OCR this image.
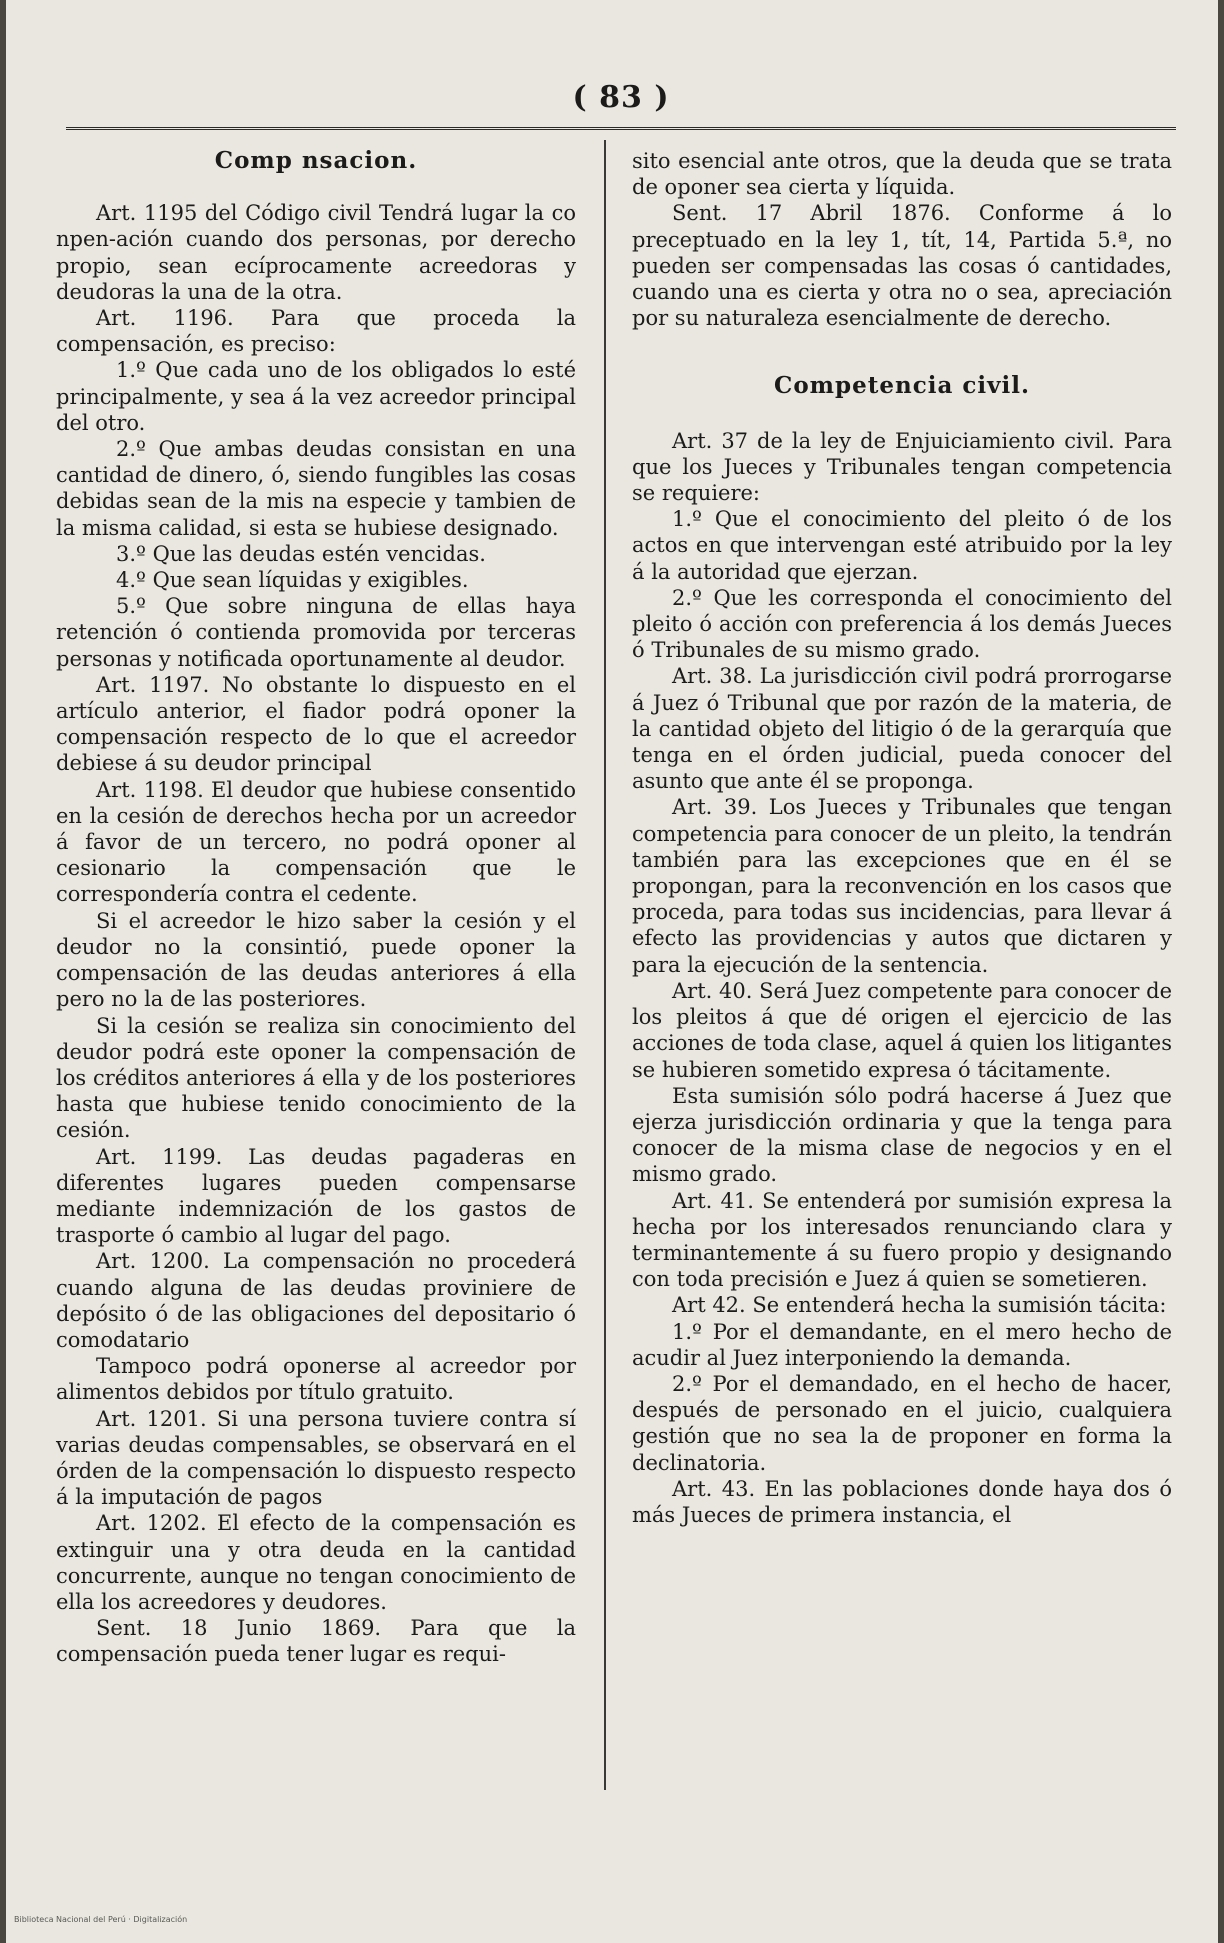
( 83 )
Comp nsacion.

Art. 1195 del Código civil Tendrá lugar la co npen-ación cuando dos personas, por derecho propio, sean ecíprocamente acreedoras y deudoras la una de la otra.

Art. 1196. Para que proceda la compensación, es preciso:

1.º Que cada uno de los obligados lo esté principalmente, y sea á la vez acreedor principal del otro.

2.º Que ambas deudas consistan en una cantidad de dinero, ó, siendo fungibles las cosas debidas sean de la mis na especie y tambien de la misma calidad, si esta se hubiese designado.

3.º Que las deudas estén vencidas.

4.º Que sean líquidas y exigibles.

5.º Que sobre ninguna de ellas haya retención ó contienda promovida por terceras personas y notificada oportunamente al deudor.

Art. 1197. No obstante lo dispuesto en el artículo anterior, el fiador podrá oponer la compensación respecto de lo que el acreedor debiese á su deudor principal

Art. 1198. El deudor que hubiese consentido en la cesión de derechos hecha por un acreedor á favor de un tercero, no podrá oponer al cesionario la compensación que le correspondería contra el cedente.

Si el acreedor le hizo saber la cesión y el deudor no la consintió, puede oponer la compensación de las deudas anteriores á ella pero no la de las posteriores.

Si la cesión se realiza sin conocimiento del deudor podrá este oponer la compensación de los créditos anteriores á ella y de los posteriores hasta que hubiese tenido conocimiento de la cesión.

Art. 1199. Las deudas pagaderas en diferentes lugares pueden compensarse mediante indemnización de los gastos de trasporte ó cambio al lugar del pago.

Art. 1200. La compensación no procederá cuando alguna de las deudas proviniere de depósito ó de las obligaciones del depositario ó comodatario

Tampoco podrá oponerse al acreedor por alimentos debidos por título gratuito.

Art. 1201. Si una persona tuviere contra sí varias deudas compensables, se observará en el órden de la compensación lo dispuesto respecto á la imputación de pagos

Art. 1202. El efecto de la compensación es extinguir una y otra deuda en la cantidad concurrente, aunque no tengan conocimiento de ella los acreedores y deudores.

Sent. 18 Junio 1869. Para que la compensación pueda tener lugar es requi-

sito esencial ante otros, que la deuda que se trata de oponer sea cierta y líquida.

Sent. 17 Abril 1876. Conforme á lo preceptuado en la ley 1, tít, 14, Partida 5.ª, no pueden ser compensadas las cosas ó cantidades, cuando una es cierta y otra no o sea, apreciación por su naturaleza esencialmente de derecho.

Competencia civil.

Art. 37 de la ley de Enjuiciamiento civil. Para que los Jueces y Tribunales tengan competencia se requiere:

1.º Que el conocimiento del pleito ó de los actos en que intervengan esté atribuido por la ley á la autoridad que ejerzan.

2.º Que les corresponda el conocimiento del pleito ó acción con preferencia á los demás Jueces ó Tribunales de su mismo grado.

Art. 38. La jurisdicción civil podrá prorrogarse á Juez ó Tribunal que por razón de la materia, de la cantidad objeto del litigio ó de la gerarquía que tenga en el órden judicial, pueda conocer del asunto que ante él se proponga.

Art. 39. Los Jueces y Tribunales que tengan competencia para conocer de un pleito, la tendrán también para las excepciones que en él se propongan, para la reconvención en los casos que proceda, para todas sus incidencias, para llevar á efecto las providencias y autos que dictaren y para la ejecución de la sentencia.

Art. 40. Será Juez competente para conocer de los pleitos á que dé origen el ejercicio de las acciones de toda clase, aquel á quien los litigantes se hubieren sometido expresa ó tácitamente.

Esta sumisión sólo podrá hacerse á Juez que ejerza jurisdicción ordinaria y que la tenga para conocer de la misma clase de negocios y en el mismo grado.

Art. 41. Se entenderá por sumisión expresa la hecha por los interesados renunciando clara y terminantemente á su fuero propio y designando con toda precisión e Juez á quien se sometieren.

Art 42. Se entenderá hecha la sumisión tácita:

1.º Por el demandante, en el mero hecho de acudir al Juez interponiendo la demanda.

2.º Por el demandado, en el hecho de hacer, después de personado en el juicio, cualquiera gestión que no sea la de proponer en forma la declinatoria.

Art. 43. En las poblaciones donde haya dos ó más Jueces de primera instancia, el

Biblioteca Nacional del Perú · Digitalización
